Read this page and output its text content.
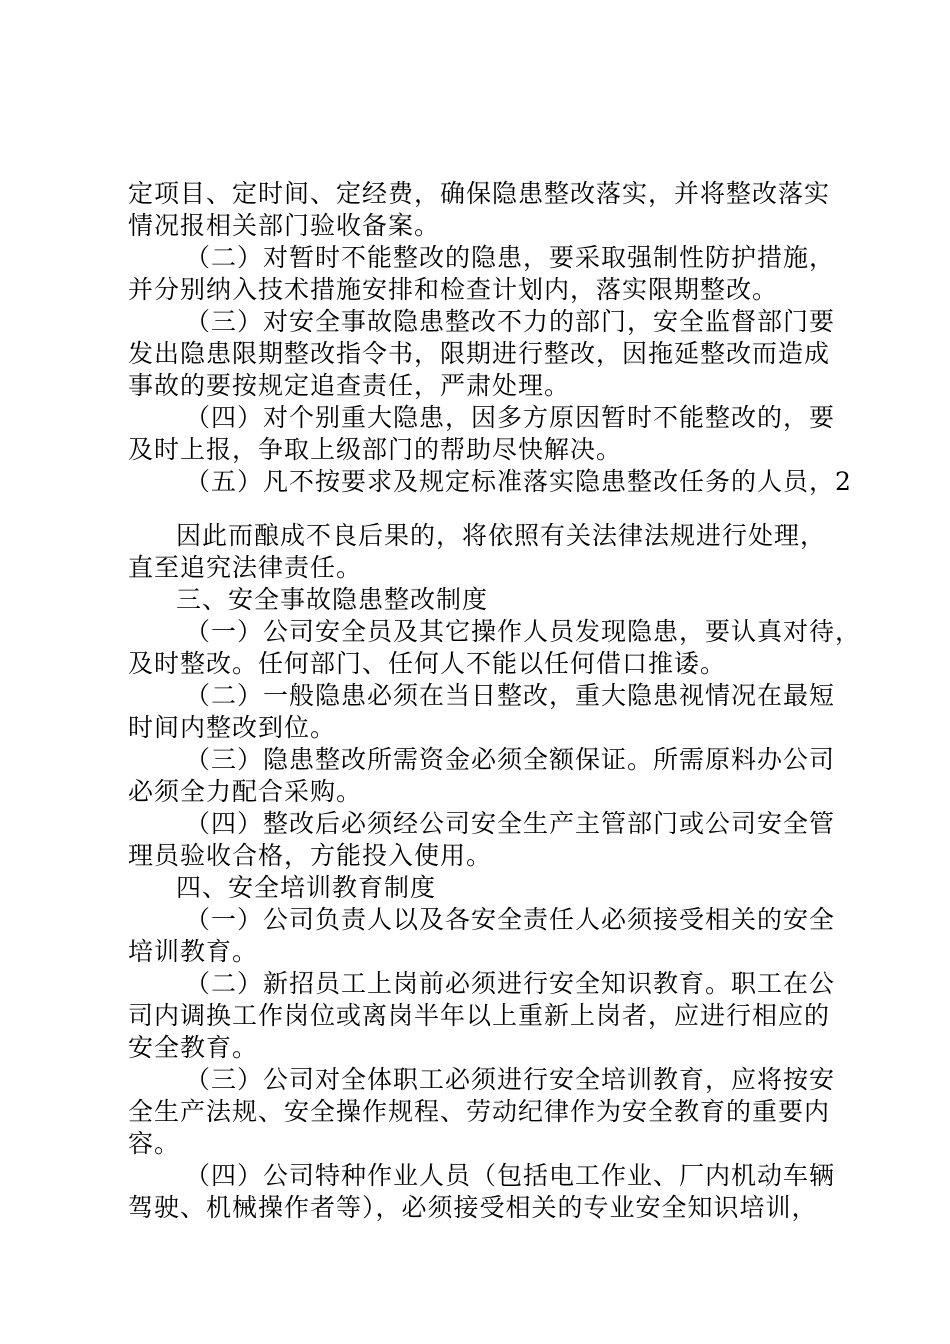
定项目、定时间、定经费，确保隐患整改落实，并将整改落实
情况报相关部门验收备案。
（二）对暂时不能整改的隐患，要采取强制性防护措施，
并分别纳入技术措施安排和检查计划内，落实限期整改。
（三）对安全事故隐患整改不力的部门，安全监督部门要
发出隐患限期整改指令书，限期进行整改，因拖延整改而造成
事故的要按规定追查责任，严肃处理。
（四）对个别重大隐患，因多方原因暂时不能整改的，要
及时上报，争取上级部门的帮助尽快解决。
（五）凡不按要求及规定标准落实隐患整改任务的人员，2
因此而酿成不良后果的，将依照有关法律法规进行处理，
直至追究法律责任。
三、安全事故隐患整改制度
（一）公司安全员及其它操作人员发现隐患，要认真对待，
及时整改。任何部门、任何人不能以任何借口推诿。
（二）一般隐患必须在当日整改，重大隐患视情况在最短
时间内整改到位。
（三）隐患整改所需资金必须全额保证。所需原料办公司
必须全力配合采购。
（四）整改后必须经公司安全生产主管部门或公司安全管
理员验收合格，方能投入使用。
四、安全培训教育制度
（一）公司负责人以及各安全责任人必须接受相关的安全
培训教育。
（二）新招员工上岗前必须进行安全知识教育。职工在公
司内调换工作岗位或离岗半年以上重新上岗者，应进行相应的
安全教育。
（三）公司对全体职工必须进行安全培训教育，应将按安
全生产法规、安全操作规程、劳动纪律作为安全教育的重要内
容。
（四）公司特种作业人员（包括电工作业、厂内机动车辆
驾驶、机械操作者等），必须接受相关的专业安全知识培训，
